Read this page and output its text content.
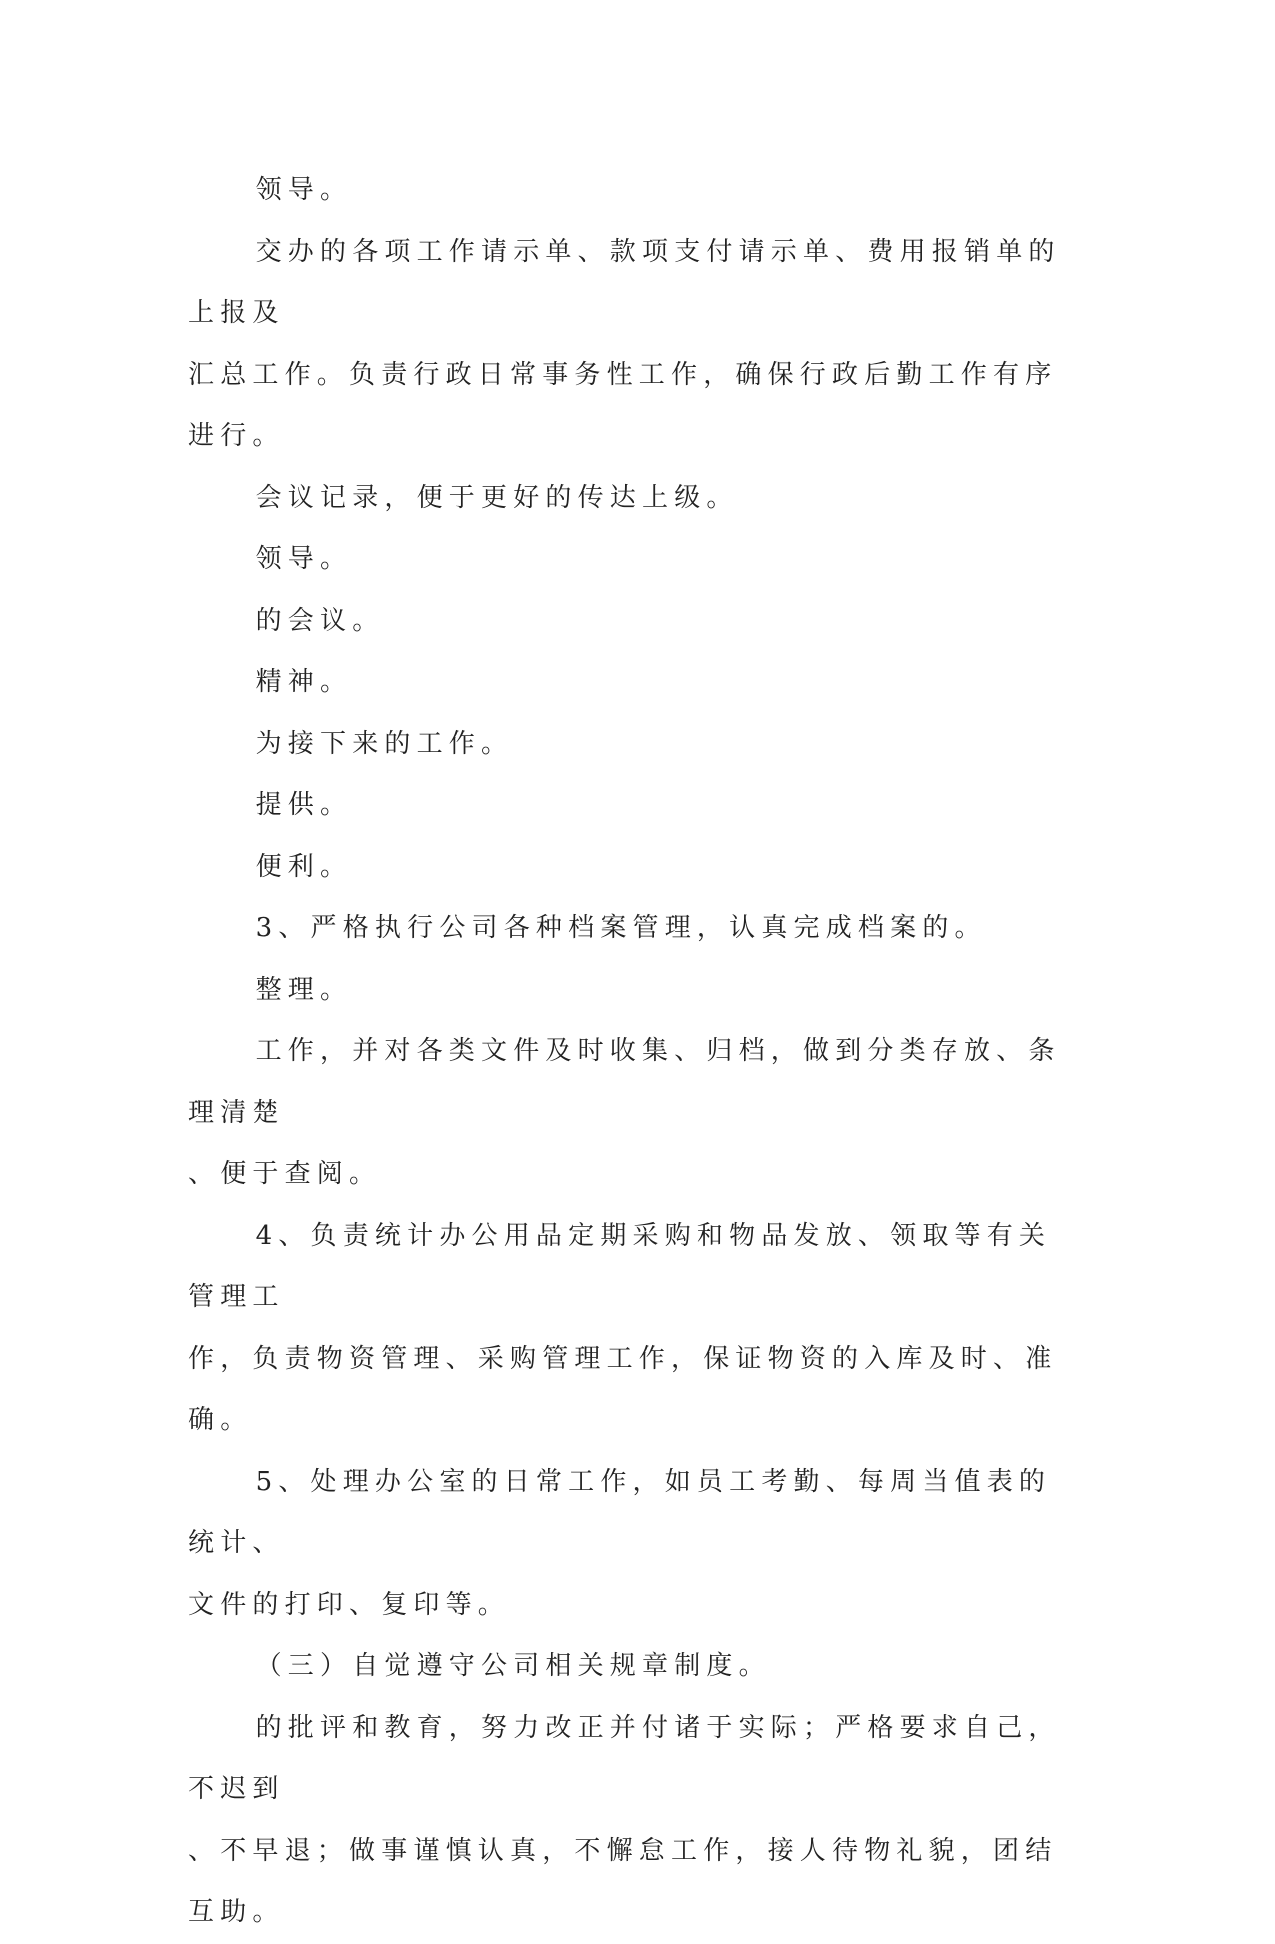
领导。

交办的各项工作请示单、款项支付请示单、费用报销单的上报及

汇总工作。负责行政日常事务性工作，确保行政后勤工作有序进行。

会议记录，便于更好的传达上级。

领导。

的会议。

精神。

为接下来的工作。

提供。

便利。

3、严格执行公司各种档案管理，认真完成档案的。

整理。

工作，并对各类文件及时收集、归档，做到分类存放、条理清楚

、便于查阅。

4、负责统计办公用品定期采购和物品发放、领取等有关管理工

作，负责物资管理、采购管理工作，保证物资的入库及时、准确。

5、处理办公室的日常工作，如员工考勤、每周当值表的统计、

文件的打印、复印等。

（三）自觉遵守公司相关规章制度。

的批评和教育，努力改正并付诸于实际；严格要求自己，不迟到

、不早退；做事谨慎认真，不懈怠工作，接人待物礼貌，团结互助。
